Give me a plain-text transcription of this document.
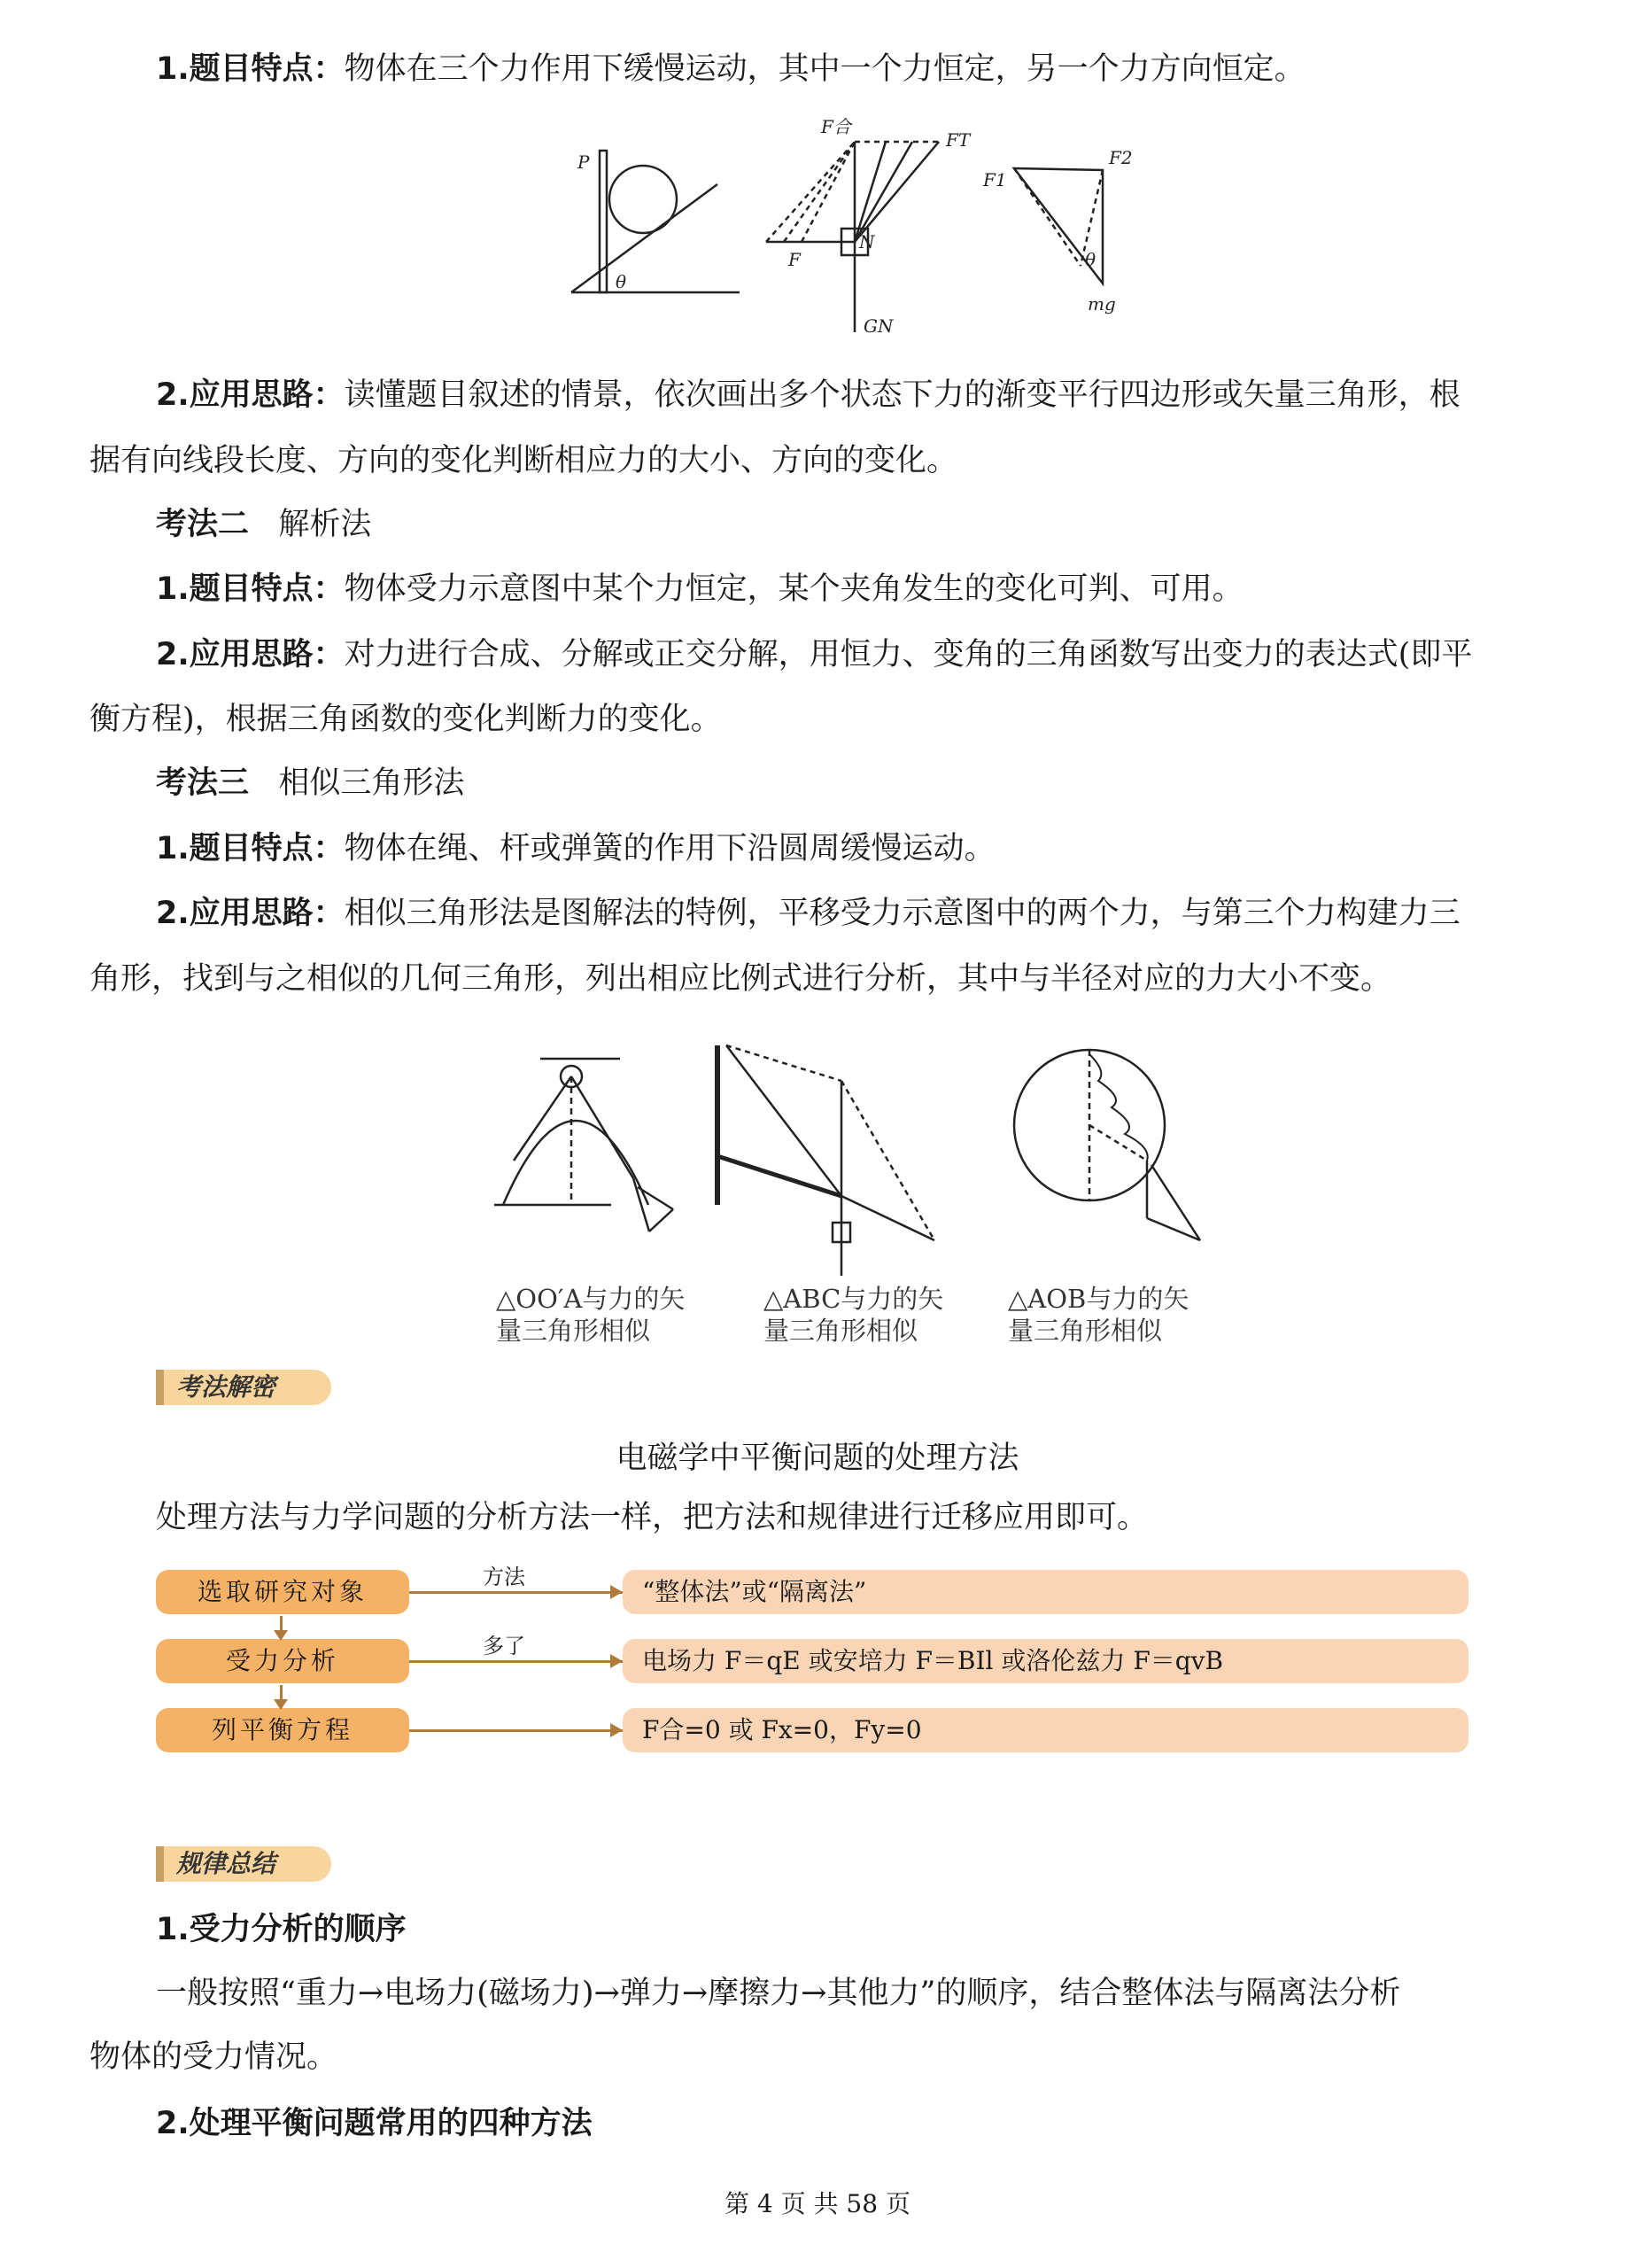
1.题目特点：物体在三个力作用下缓慢运动，其中一个力恒定，另一个力方向恒定。
P
θ
F合
FT
F
N
GN
F1
F2
θ
mg
2.应用思路：读懂题目叙述的情景，依次画出多个状态下力的渐变平行四边形或矢量三角形，根
据有向线段长度、方向的变化判断相应力的大小、方向的变化。
考法二 解析法
1.题目特点：物体受力示意图中某个力恒定，某个夹角发生的变化可判、可用。
2.应用思路：对力进行合成、分解或正交分解，用恒力、变角的三角函数写出变力的表达式(即平
衡方程)，根据三角函数的变化判断力的变化。
考法三 相似三角形法
1.题目特点：物体在绳、杆或弹簧的作用下沿圆周缓慢运动。
2.应用思路：相似三角形法是图解法的特例，平移受力示意图中的两个力，与第三个力构建力三
角形，找到与之相似的几何三角形，列出相应比例式进行分析，其中与半径对应的力大小不变。
△OO′A与力的矢
量三角形相似
△ABC与力的矢
量三角形相似
△AOB与力的矢
量三角形相似
考法解密
电磁学中平衡问题的处理方法
处理方法与力学问题的分析方法一样，把方法和规律进行迁移应用即可。
选取研究对象
受力分析
列平衡方程
方法
多了
“整体法”或“隔离法”
电场力 F＝qE 或安培力 F＝BIl 或洛伦兹力 F＝qvB
F合=0 或 Fx=0，Fy=0
规律总结
1.受力分析的顺序
一般按照“重力→电场力(磁场力)→弹力→摩擦力→其他力”的顺序，结合整体法与隔离法分析
物体的受力情况。
2.处理平衡问题常用的四种方法
第 4 页 共 58 页
